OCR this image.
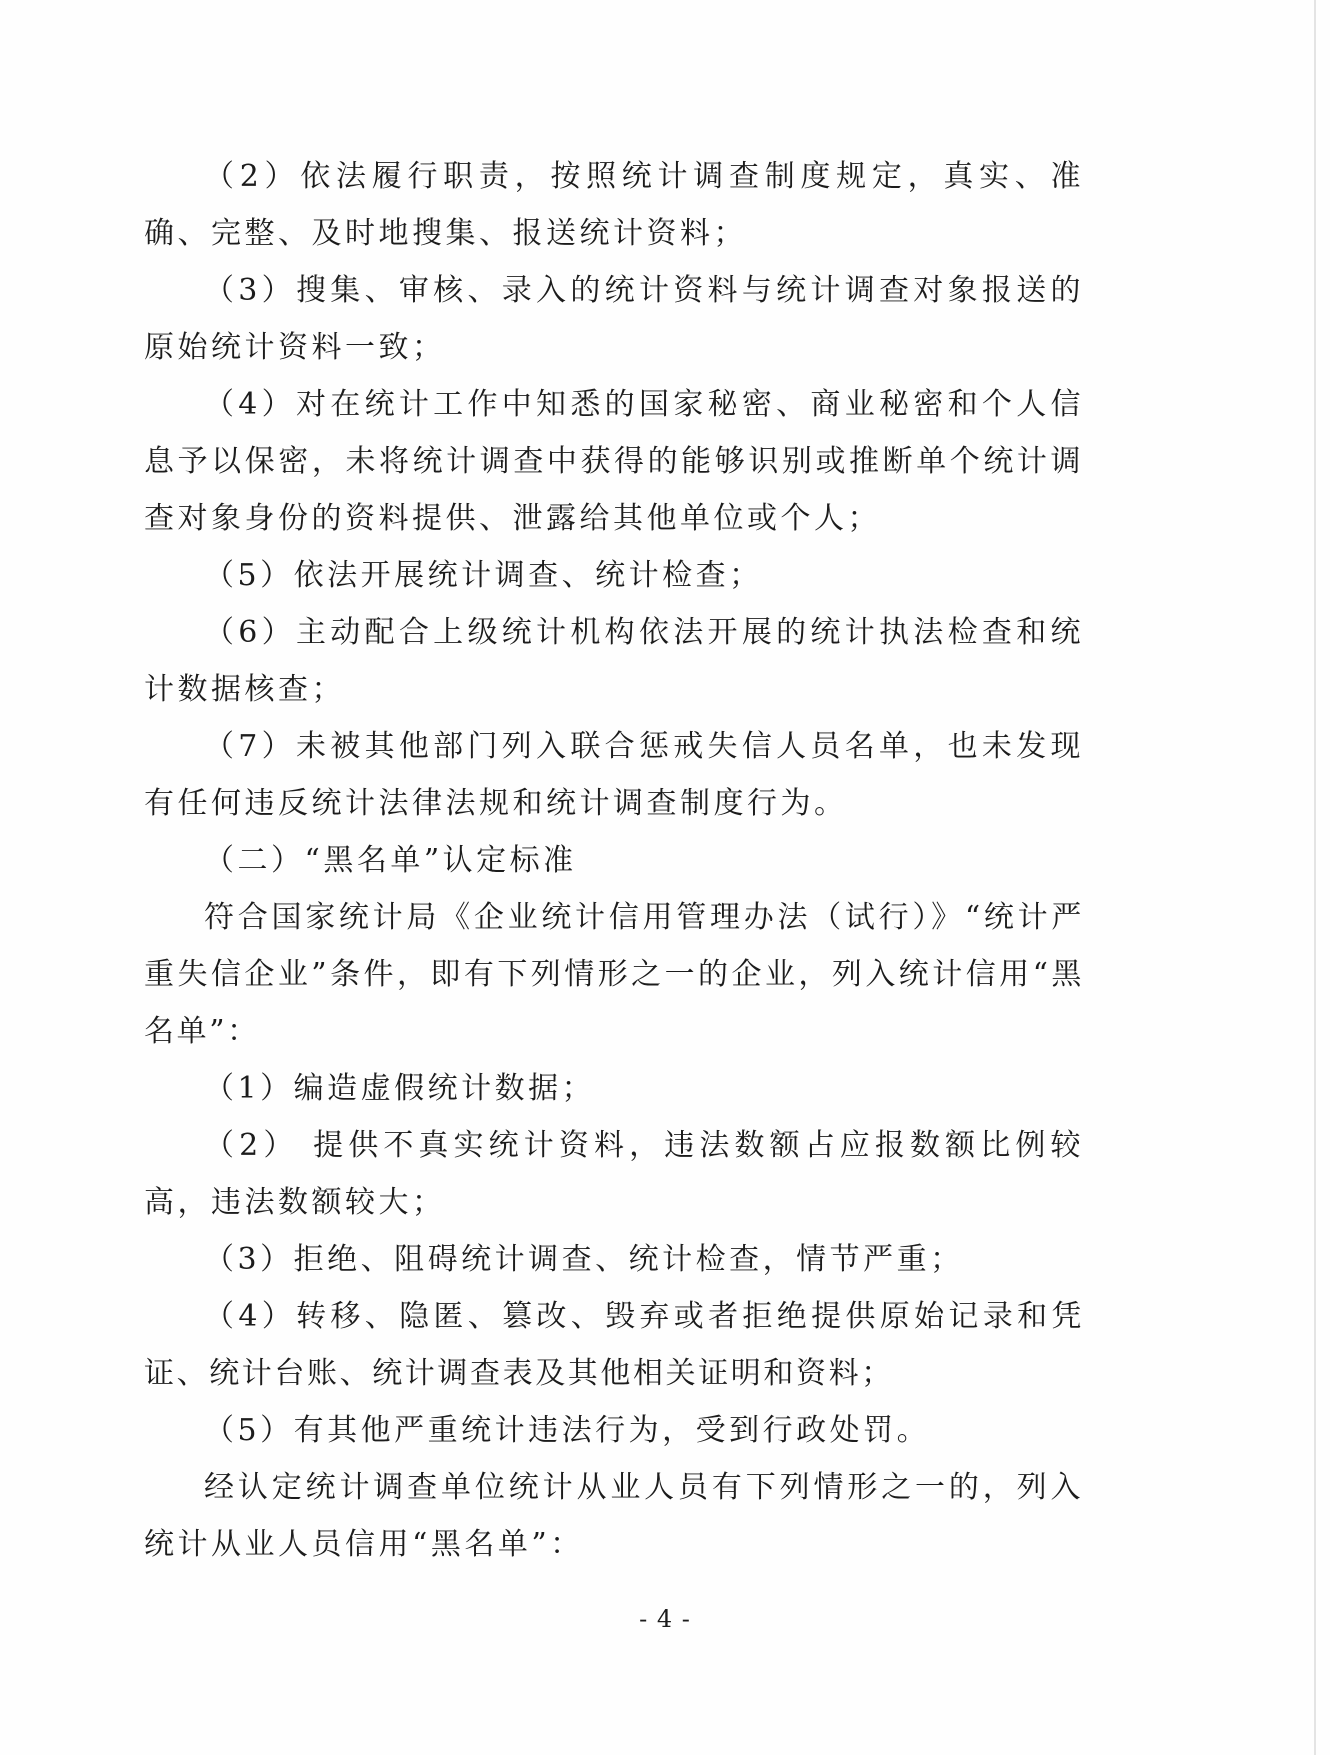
（2）依法履行职责，按照统计调查制度规定，真实、准确、完整、及时地搜集、报送统计资料；

（3）搜集、审核、录入的统计资料与统计调查对象报送的原始统计资料一致；

（4）对在统计工作中知悉的国家秘密、商业秘密和个人信息予以保密，未将统计调查中获得的能够识别或推断单个统计调查对象身份的资料提供、泄露给其他单位或个人；

（5）依法开展统计调查、统计检查；

（6）主动配合上级统计机构依法开展的统计执法检查和统计数据核查；

（7）未被其他部门列入联合惩戒失信人员名单，也未发现有任何违反统计法律法规和统计调查制度行为。

（二）“黑名单”认定标准

符合国家统计局《企业统计信用管理办法（试行）》“统计严重失信企业”条件，即有下列情形之一的企业，列入统计信用“黑名单”：

（1）编造虚假统计数据；

（2） 提供不真实统计资料，违法数额占应报数额比例较高，违法数额较大；

（3）拒绝、阻碍统计调查、统计检查，情节严重；

（4）转移、隐匿、篡改、毁弃或者拒绝提供原始记录和凭证、统计台账、统计调查表及其他相关证明和资料；

（5）有其他严重统计违法行为，受到行政处罚。

经认定统计调查单位统计从业人员有下列情形之一的，列入统计从业人员信用“黑名单”：

- 4 -
